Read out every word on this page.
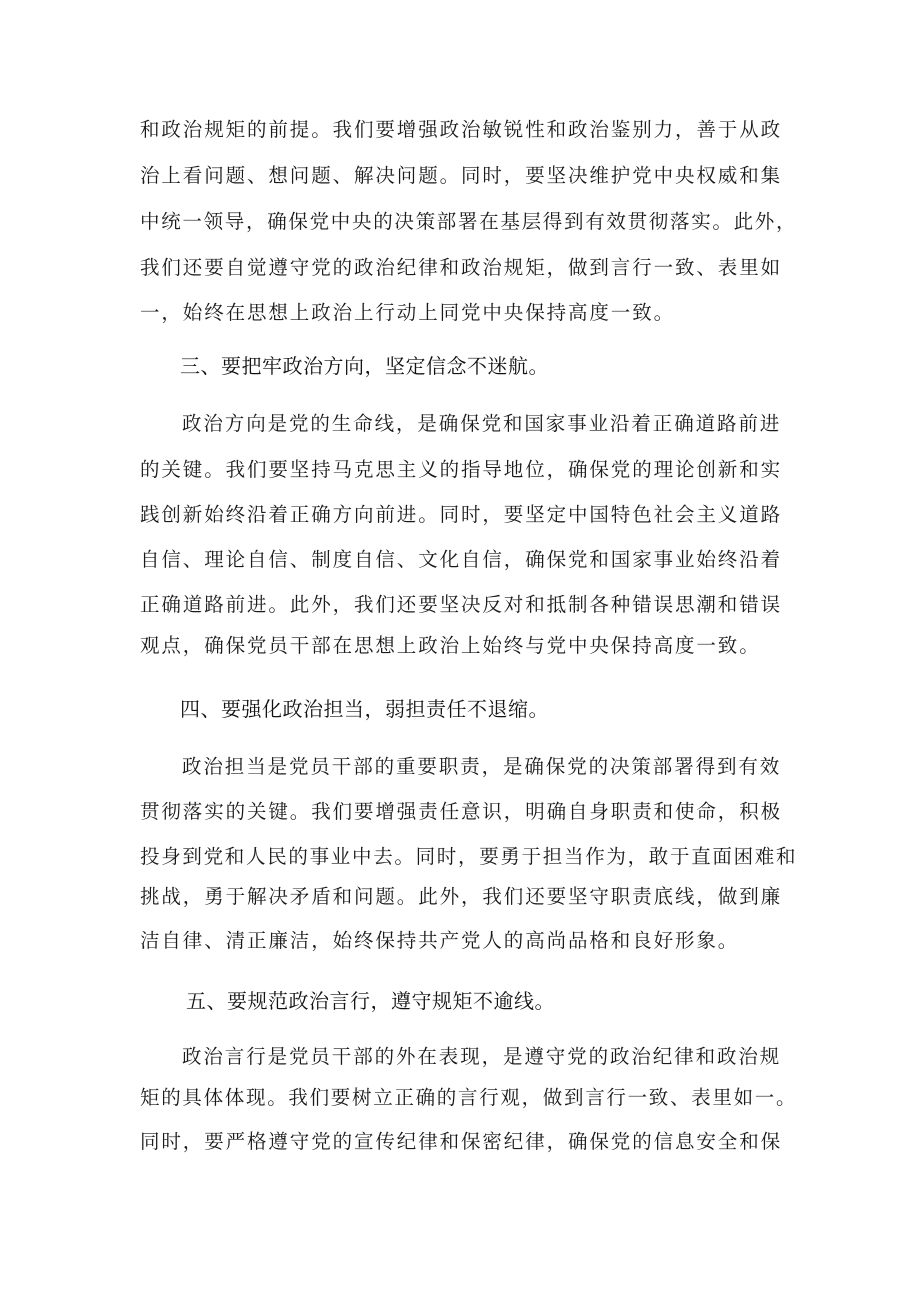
和政治规矩的前提。我们要增强政治敏锐性和政治鉴别力，善于从政
治上看问题、想问题、解决问题。同时，要坚决维护党中央权威和集
中统一领导，确保党中央的决策部署在基层得到有效贯彻落实。此外，
我们还要自觉遵守党的政治纪律和政治规矩，做到言行一致、表里如
一，始终在思想上政治上行动上同党中央保持高度一致。
三、要把牢政治方向，坚定信念不迷航。
政治方向是党的生命线，是确保党和国家事业沿着正确道路前进
的关键。我们要坚持马克思主义的指导地位，确保党的理论创新和实
践创新始终沿着正确方向前进。同时，要坚定中国特色社会主义道路
自信、理论自信、制度自信、文化自信，确保党和国家事业始终沿着
正确道路前进。此外，我们还要坚决反对和抵制各种错误思潮和错误
观点，确保党员干部在思想上政治上始终与党中央保持高度一致。
四、要强化政治担当，弱担责任不退缩。
政治担当是党员干部的重要职责，是确保党的决策部署得到有效
贯彻落实的关键。我们要增强责任意识，明确自身职责和使命，积极
投身到党和人民的事业中去。同时，要勇于担当作为，敢于直面困难和
挑战，勇于解决矛盾和问题。此外，我们还要坚守职责底线，做到廉
洁自律、清正廉洁，始终保持共产党人的高尚品格和良好形象。
五、要规范政治言行，遵守规矩不逾线。
政治言行是党员干部的外在表现，是遵守党的政治纪律和政治规
矩的具体体现。我们要树立正确的言行观，做到言行一致、表里如一。
同时，要严格遵守党的宣传纪律和保密纪律，确保党的信息安全和保
